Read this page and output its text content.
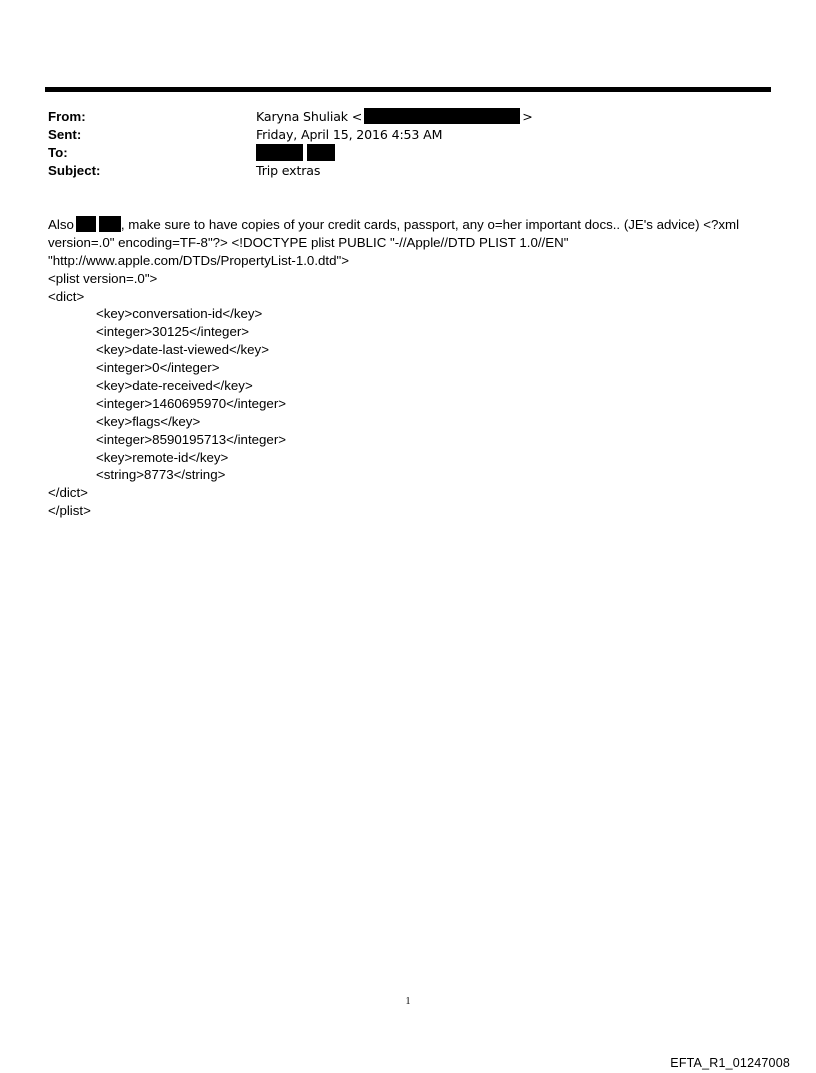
From:	Karyna Shuliak <	>
Sent:	Friday, April 15, 2016 4:53 AM
To:
Subject:	Trip extras
Also	, make sure to have copies of your credit cards, passport, any o=her important docs.. (JE's advice) <?xml
version=.0" encoding=TF-8"?> <!DOCTYPE plist PUBLIC "-//Apple//DTD PLIST 1.0//EN"
"http://www.apple.com/DTDs/PropertyList-1.0.dtd">
<plist version=.0">
<dict>
<key>conversation-id</key>
<integer>30125</integer>
<key>date-last-viewed</key>
<integer>0</integer>
<key>date-received</key>
<integer>1460695970</integer>
<key>flags</key>
<integer>8590195713</integer>
<key>remote-id</key>
<string>8773</string>
</dict>
</plist>
1
EFTA_R1_01247008
